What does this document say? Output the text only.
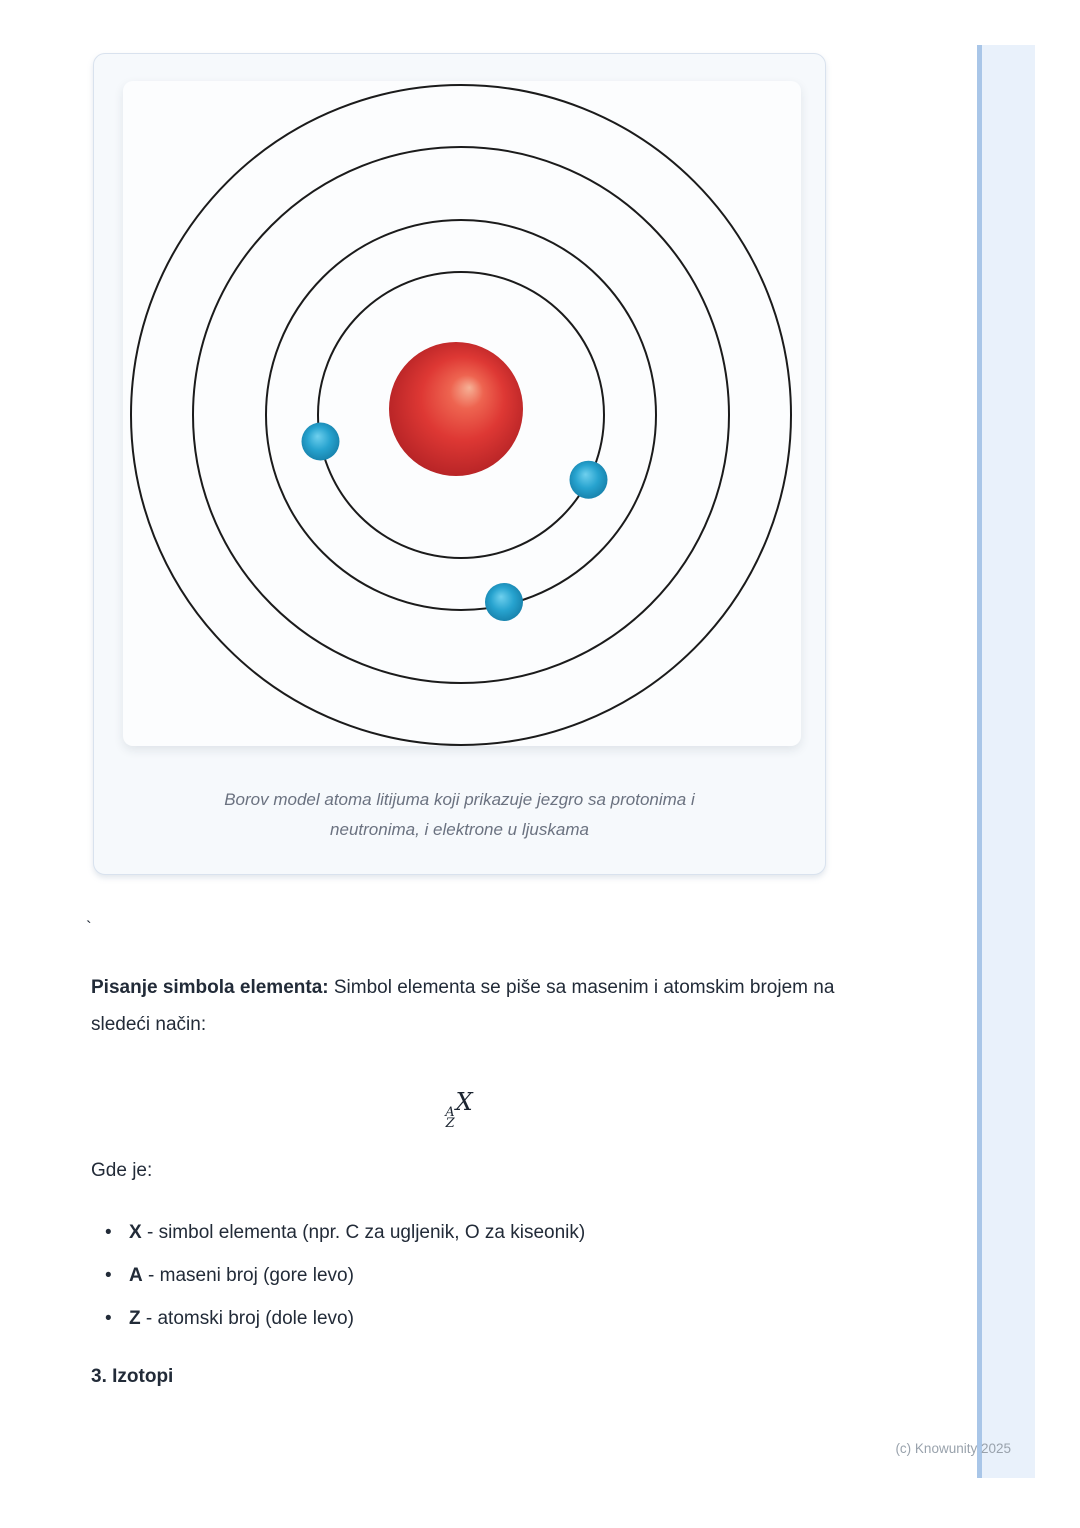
Borov model atoma litijuma koji prikazuje jezgro sa protonima i
neutronima, i elektrone u ljuskama

`

Pisanje simbola elementa: Simbol elementa se piše sa masenim i atomskim brojem na sledeći način:

A
Z
X

Gde je:

• X - simbol elementa (npr. C za ugljenik, O za kiseonik)
• A - maseni broj (gore levo)
• Z - atomski broj (dole levo)
3. Izotopi
(c) Knowunity 2025
